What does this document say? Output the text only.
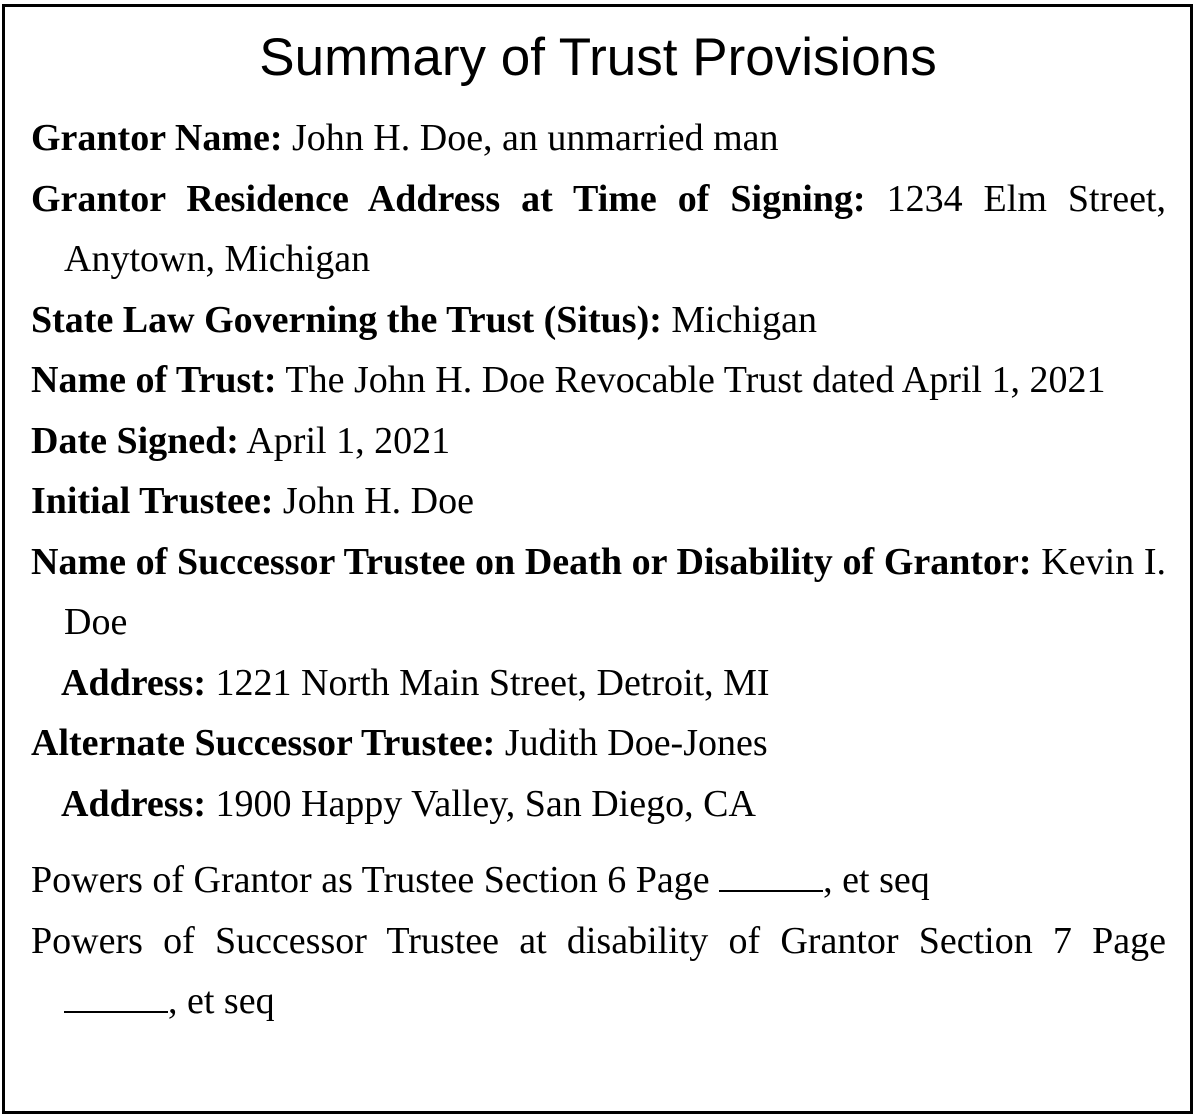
Summary of Trust Provisions

Grantor Name: John H. Doe, an unmarried man

Grantor Residence Address at Time of Signing: 1234 Elm Street, Anytown, Michigan

State Law Governing the Trust (Situs): Michigan

Name of Trust: The John H. Doe Revocable Trust dated April 1, 2021

Date Signed: April 1, 2021

Initial Trustee: John H. Doe

Name of Successor Trustee on Death or Disability of Grantor: Kevin I. Doe

Address: 1221 North Main Street, Detroit, MI

Alternate Successor Trustee: Judith Doe-Jones

Address: 1900 Happy Valley, San Diego, CA

Powers of Grantor as Trustee Section 6 Page	, et seq

Powers of Successor Trustee at disability of Grantor Section 7 Page , et seq
